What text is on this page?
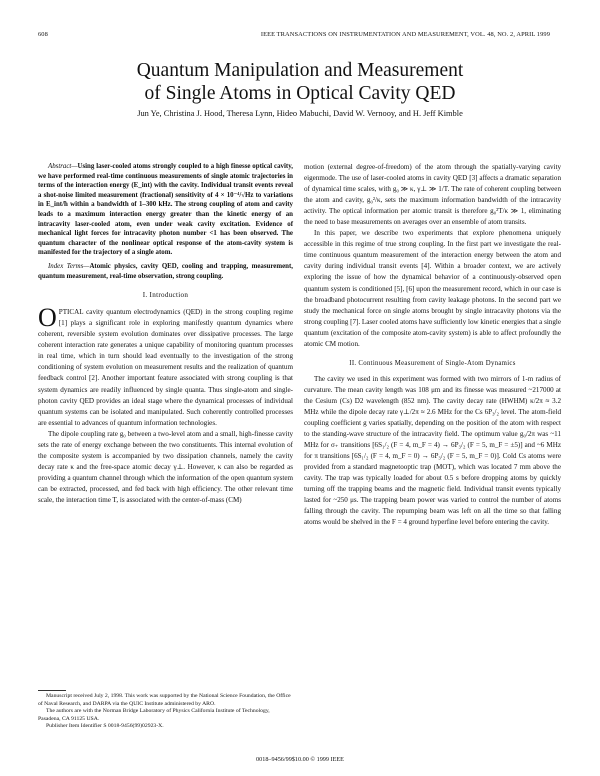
608	IEEE TRANSACTIONS ON INSTRUMENTATION AND MEASUREMENT, VOL. 48, NO. 2, APRIL 1999
Quantum Manipulation and Measurement
of Single Atoms in Optical Cavity QED
Jun Ye, Christina J. Hood, Theresa Lynn, Hideo Mabuchi, David W. Vernooy, and H. Jeff Kimble
Abstract—Using laser-cooled atoms strongly coupled to a high finesse optical cavity, we have performed real-time continuous measurements of single atomic trajectories in terms of the interaction energy (E_int) with the cavity. Individual transit events reveal a shot-noise limited measurement (fractional) sensitivity of 4 × 10⁻⁴/√Hz to variations in E_int/ħ within a bandwidth of 1–300 kHz. The strong coupling of atom and cavity leads to a maximum interaction energy greater than the kinetic energy of an intracavity laser-cooled atom, even under weak cavity excitation. Evidence of mechanical light forces for intracavity photon number <1 has been observed. The quantum character of the nonlinear optical response of the atom-cavity system is manifested for the trajectory of a single atom.
Index Terms—Atomic physics, cavity QED, cooling and trapping, measurement, quantum measurement, real-time observation, strong coupling.
I. Introduction

O PTICAL cavity quantum electrodynamics (QED) in the strong coupling regime [1] plays a significant role in exploring manifestly quantum dynamics where coherent, reversible system evolution dominates over dissipative processes. The large coherent interaction rate generates a unique capability of monitoring quantum processes in real time, which in turn should lead eventually to the investigation of the strong conditioning of system evolution on measurement results and the realization of quantum feedback control [2]. Another important feature associated with strong coupling is that system dynamics are readily influenced by single quanta. Thus single-atom and single-photon cavity QED provides an ideal stage where the dynamical processes of individual quantum systems can be isolated and manipulated. Such coherently controlled processes are essential to advances of quantum information technologies.

The dipole coupling rate g₀ between a two-level atom and a small, high-finesse cavity sets the rate of energy exchange between the two constituents. This internal evolution of the composite system is accompanied by two dissipation channels, namely the cavity decay rate κ and the free-space atomic decay γ⊥. However, κ can also be regarded as providing a quantum channel through which the information of the open quantum system can be extracted, processed, and fed back with high efficiency. The other relevant time scale, the interaction time T, is associated with the center-of-mass (CM)

Manuscript received July 2, 1998. This work was supported by the National Science Foundation, the Office of Naval Research, and DARPA via the QUIC Institute administered by ARO.
The authors are with the Norman Bridge Laboratory of Physics California Institute of Technology, Pasadena, CA 91125 USA.
Publisher Item Identifier S 0018-9456(99)02923-X.

motion (external degree-of-freedom) of the atom through the spatially-varying cavity eigenmode. The use of laser-cooled atoms in cavity QED [3] affects a dramatic separation of dynamical time scales, with g₀ ≫ κ, γ⊥ ≫ 1/T. The rate of coherent coupling between the atom and cavity, g₀²/κ, sets the maximum information bandwidth of the intracavity activity. The optical information per atomic transit is therefore g₀²T/κ ≫ 1, eliminating the need to base measurements on averages over an ensemble of atom transits.

In this paper, we describe two experiments that explore phenomena uniquely accessible in this regime of true strong coupling. In the first part we investigate the real-time continuous quantum measurement of the interaction energy between the atom and cavity during individual transit events [4]. Within a broader context, we are actively exploring the issue of how the dynamical behavior of a continuously-observed open quantum system is conditioned [5], [6] upon the measurement record, which in our case is the broadband photocurrent resulting from cavity leakage photons. In the second part we study the mechanical force on single atoms brought by single intracavity photons via the strong coupling [7]. Laser cooled atoms have sufficiently low kinetic energies that a single quantum (excitation of the composite atom-cavity system) is able to affect profoundly the atomic CM motion.

II. Continuous Measurement of Single-Atom Dynamics

The cavity we used in this experiment was formed with two mirrors of 1-m radius of curvature. The mean cavity length was 108 μm and its finesse was measured ~217000 at the Cesium (Cs) D2 wavelength (852 nm). The cavity decay rate (HWHM) κ/2π ≈ 3.2 MHz while the dipole decay rate γ⊥/2π ≈ 2.6 MHz for the Cs 6P₃/₂ level. The atom-field coupling coefficient g varies spatially, depending on the position of the atom with respect to the standing-wave structure of the intracavity field. The optimum value g₀/2π was ~11 MHz for σ₊ transitions [6S₁/₂ (F = 4, m_F = 4) → 6P₃/₂ (F = 5, m_F = ±5)] and ~6 MHz for π transitions [6S₁/₂ (F = 4, m_F = 0) → 6P₃/₂ (F = 5, m_F = 0)]. Cold Cs atoms were provided from a standard magnetooptic trap (MOT), which was located 7 mm above the cavity. The trap was typically loaded for about 0.5 s before dropping atoms by quickly turning off the trapping beams and the magnetic field. Individual transit events typically lasted for ~250 μs. The trapping beam power was varied to control the number of atoms falling through the cavity. The repumping beam was left on all the time so that falling atoms would be shelved in the F = 4 ground hyperfine level before entering the cavity.

0018–9456/99$10.00 © 1999 IEEE
